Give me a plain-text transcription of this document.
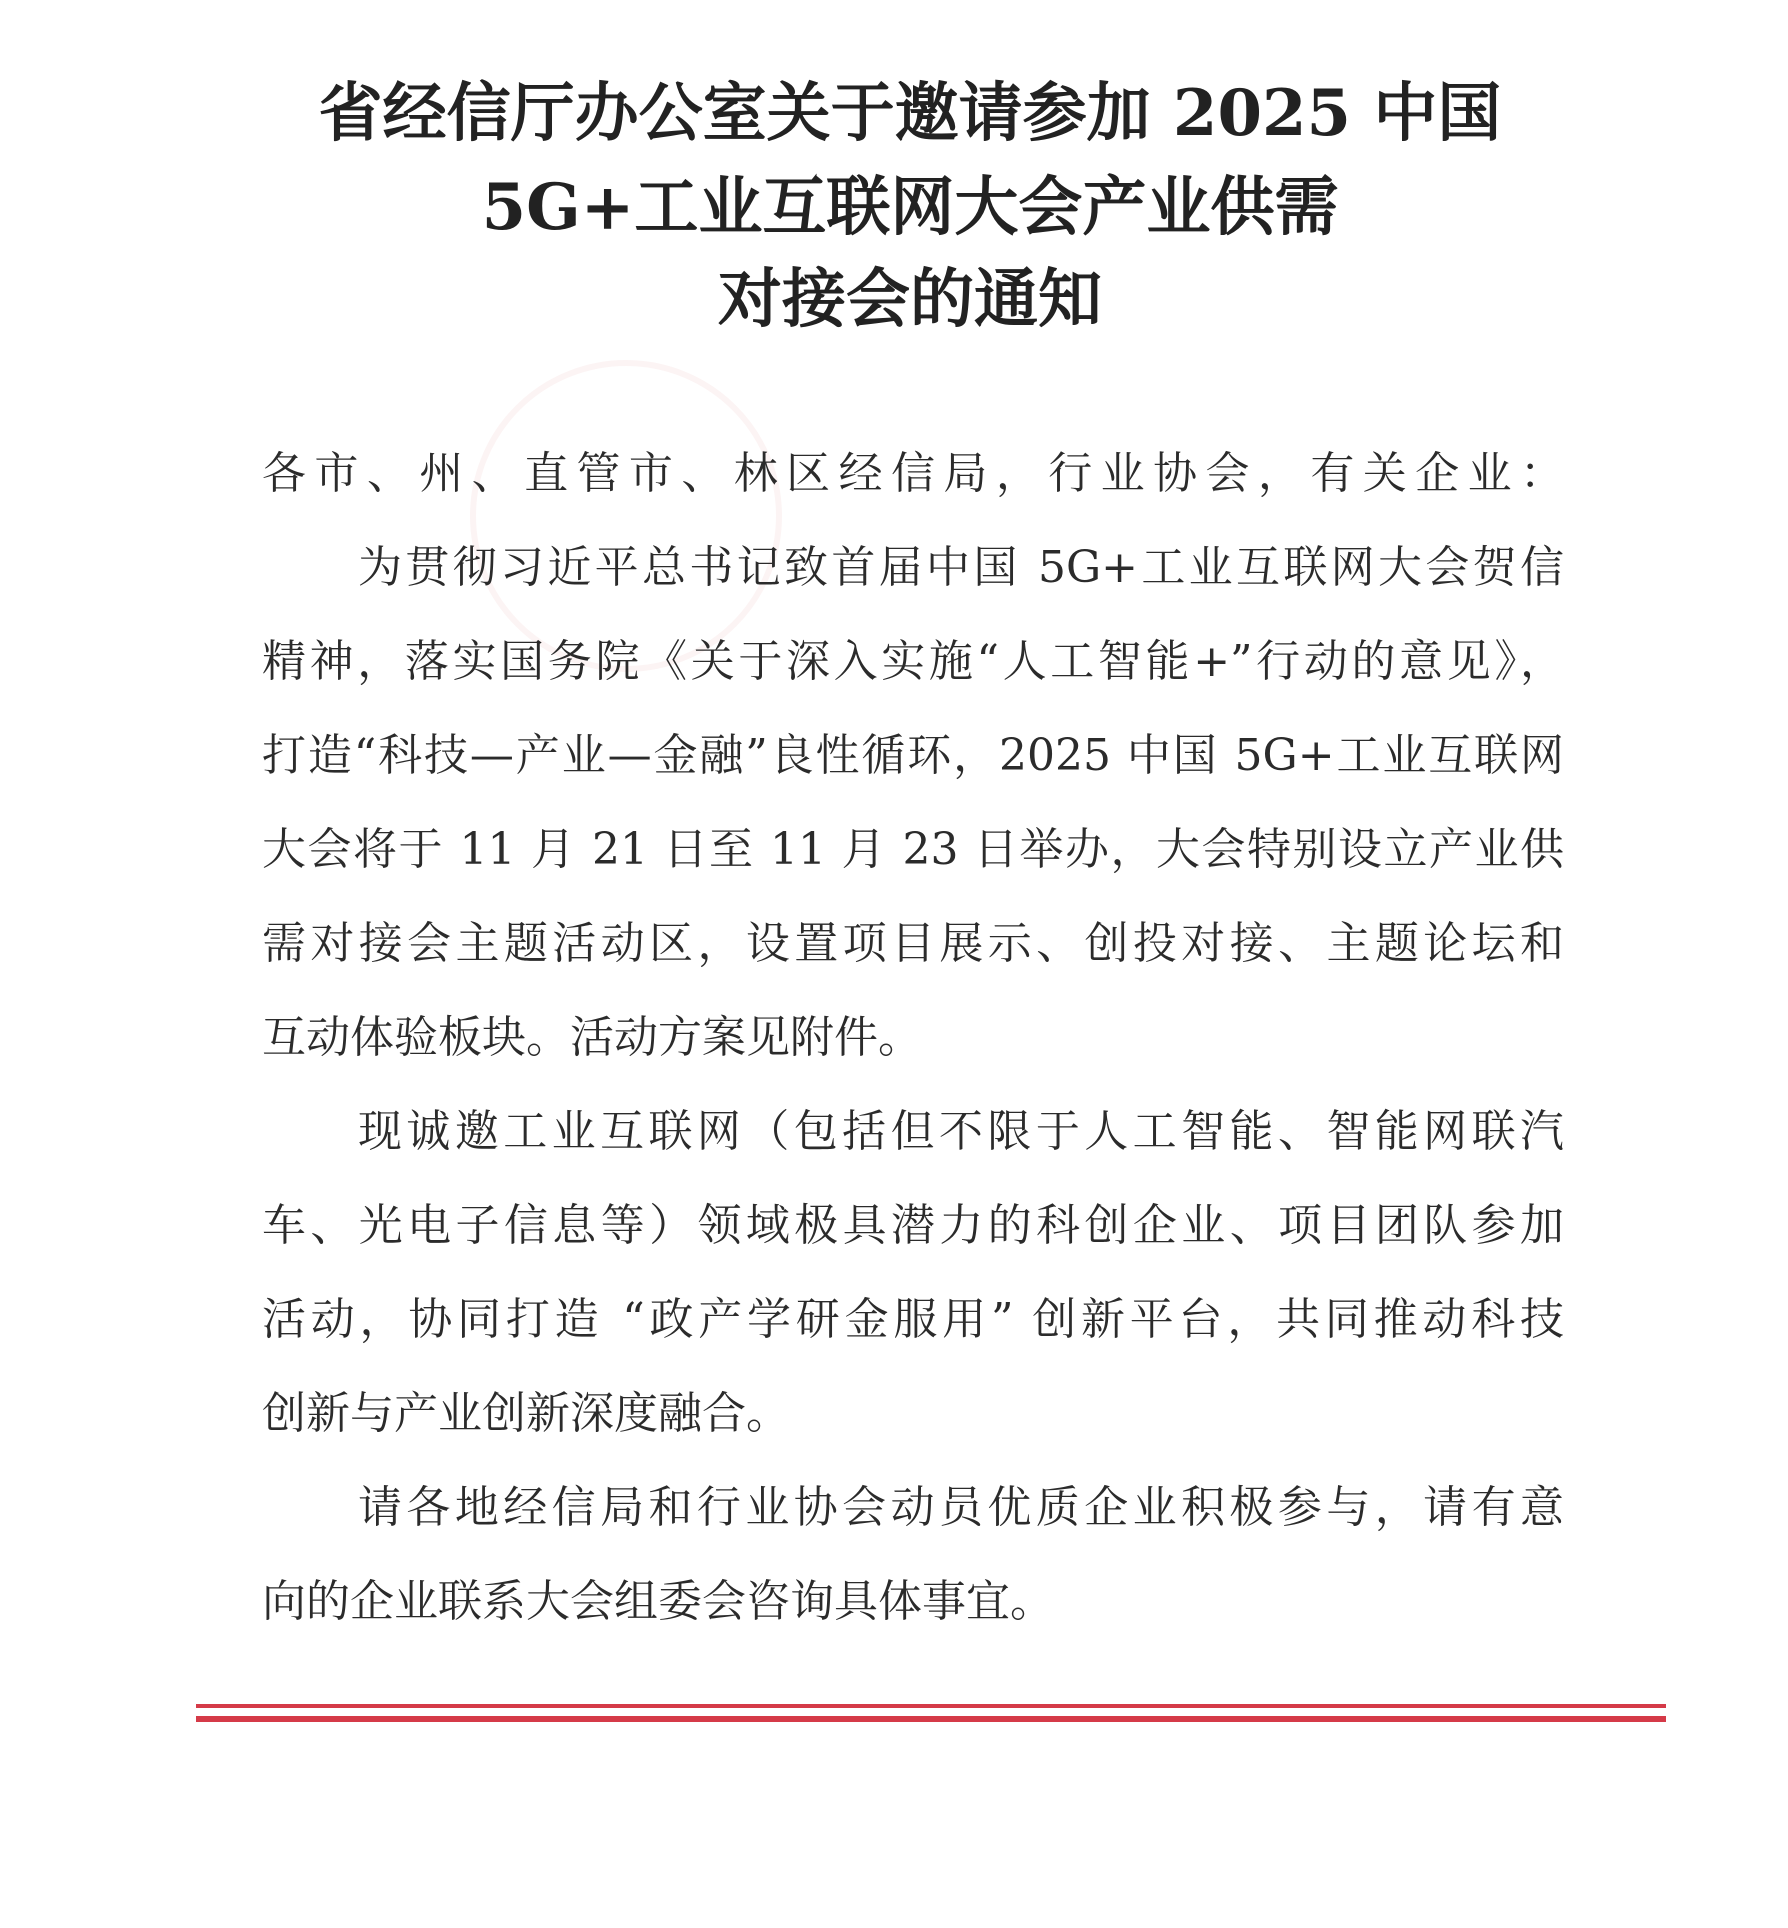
省经信厅办公室关于邀请参加 2025 中国
5G+工业互联网大会产业供需
对接会的通知
各市、州、直管市、林区经信局，行业协会，有关企业：
为贯彻习近平总书记致首届中国 5G+工业互联网大会贺信
精神，落实国务院《关于深入实施“人工智能+”行动的意见》，
打造“科技—产业—金融”良性循环，2025 中国 5G+工业互联网
大会将于 11 月 21 日至 11 月 23 日举办，大会特别设立产业供
需对接会主题活动区，设置项目展示、创投对接、主题论坛和
互动体验板块。活动方案见附件。
现诚邀工业互联网（包括但不限于人工智能、智能网联汽
车、光电子信息等）领域极具潜力的科创企业、项目团队参加
活动，协同打造 “政产学研金服用” 创新平台，共同推动科技
创新与产业创新深度融合。
请各地经信局和行业协会动员优质企业积极参与，请有意
向的企业联系大会组委会咨询具体事宜。
